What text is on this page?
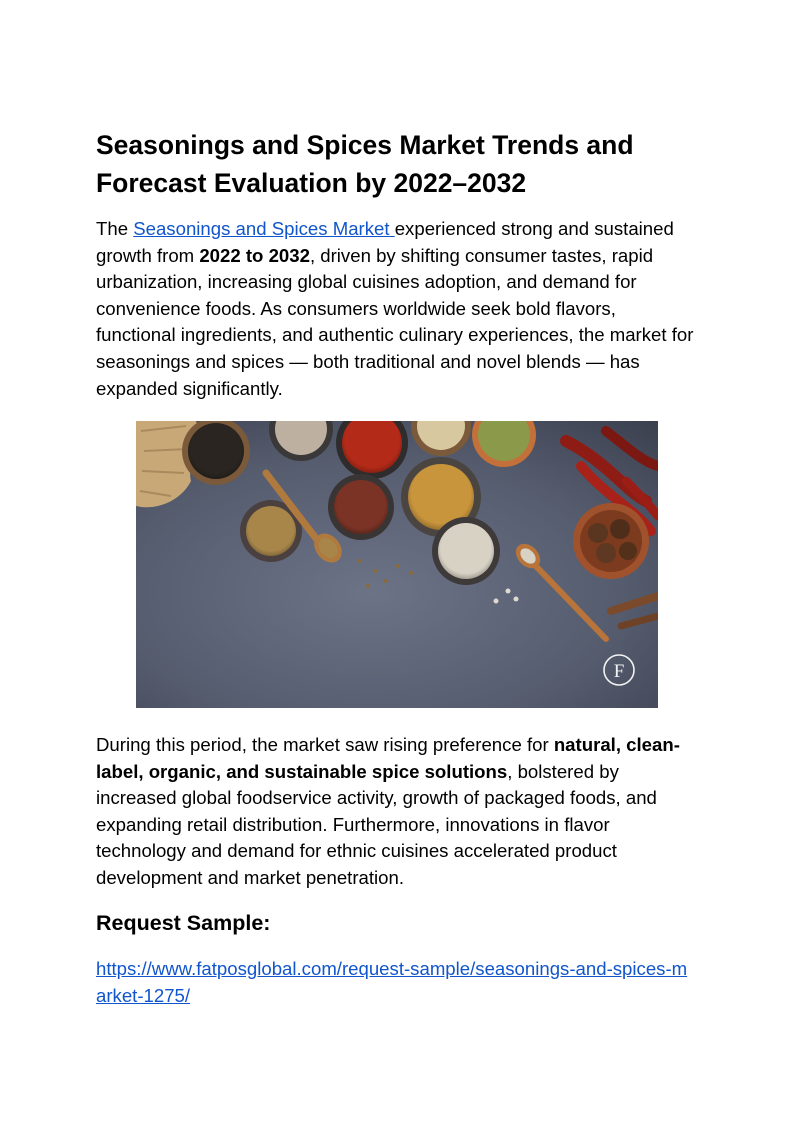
Seasonings and Spices Market Trends and Forecast Evaluation by 2022–2032

The Seasonings and Spices Market experienced strong and sustained growth from 2022 to 2032, driven by shifting consumer tastes, rapid urbanization, increasing global cuisines adoption, and demand for convenience foods. As consumers worldwide seek bold flavors, functional ingredients, and authentic culinary experiences, the market for seasonings and spices — both traditional and novel blends — has expanded significantly.

F

During this period, the market saw rising preference for natural, clean-label, organic, and sustainable spice solutions, bolstered by increased global foodservice activity, growth of packaged foods, and expanding retail distribution. Furthermore, innovations in flavor technology and demand for ethnic cuisines accelerated product development and market penetration.

Request Sample:
https://www.fatposglobal.com/request-sample/seasonings-and-spices-market-1275/
